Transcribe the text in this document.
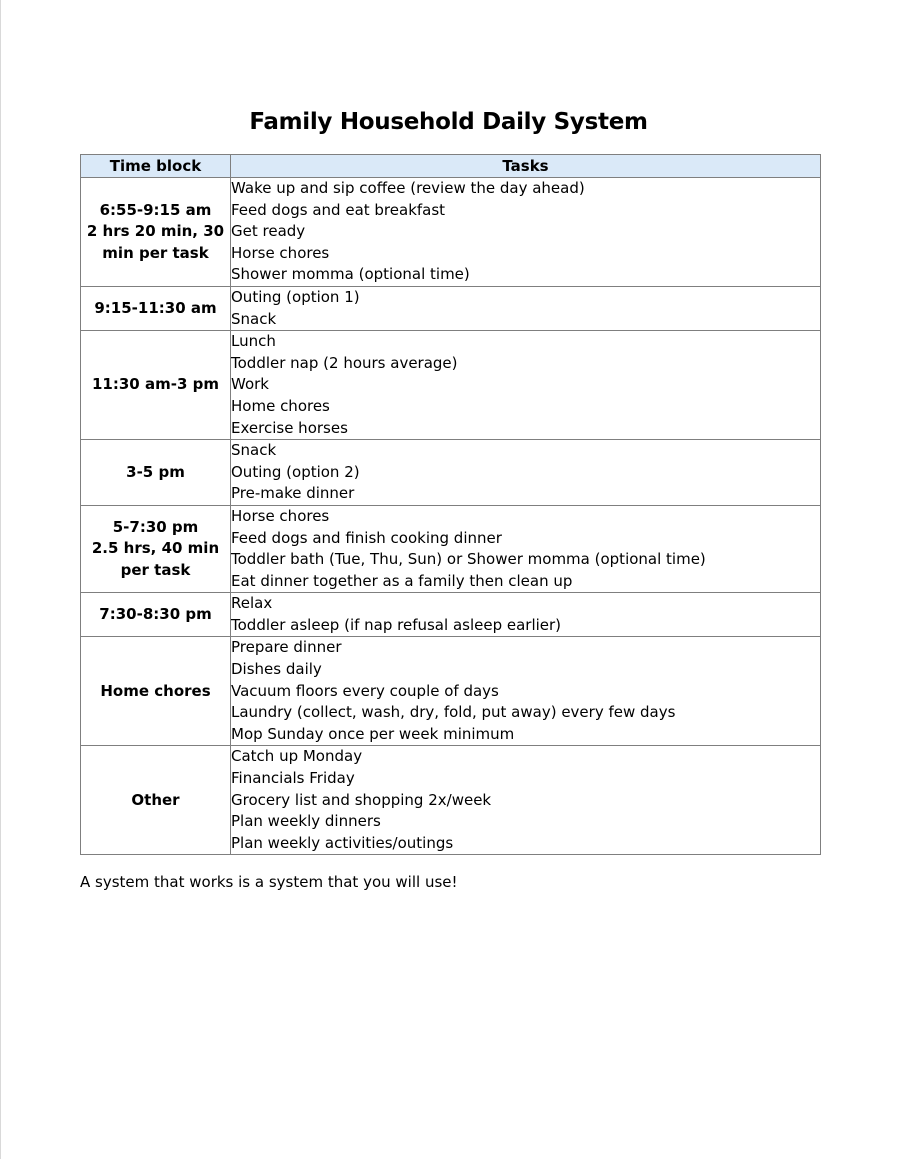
Family Household Daily System
Time block	Tasks

6:55-9:15 am
2 hrs 20 min, 30
min per task	Wake up and sip coffee (review the day ahead)
Feed dogs and eat breakfast
Get ready
Horse chores
Shower momma (optional time)

9:15-11:30 am	Outing (option 1)
Snack

11:30 am-3 pm	Lunch
Toddler nap (2 hours average)
Work
Home chores
Exercise horses

3-5 pm	Snack
Outing (option 2)
Pre-make dinner

5-7:30 pm
2.5 hrs, 40 min
per task	Horse chores
Feed dogs and finish cooking dinner
Toddler bath (Tue, Thu, Sun) or Shower momma (optional time)
Eat dinner together as a family then clean up

7:30-8:30 pm	Relax
Toddler asleep (if nap refusal asleep earlier)

Home chores	Prepare dinner
Dishes daily
Vacuum floors every couple of days
Laundry (collect, wash, dry, fold, put away) every few days
Mop Sunday once per week minimum

Other	Catch up Monday
Financials Friday
Grocery list and shopping 2x/week
Plan weekly dinners
Plan weekly activities/outings
A system that works is a system that you will use!
